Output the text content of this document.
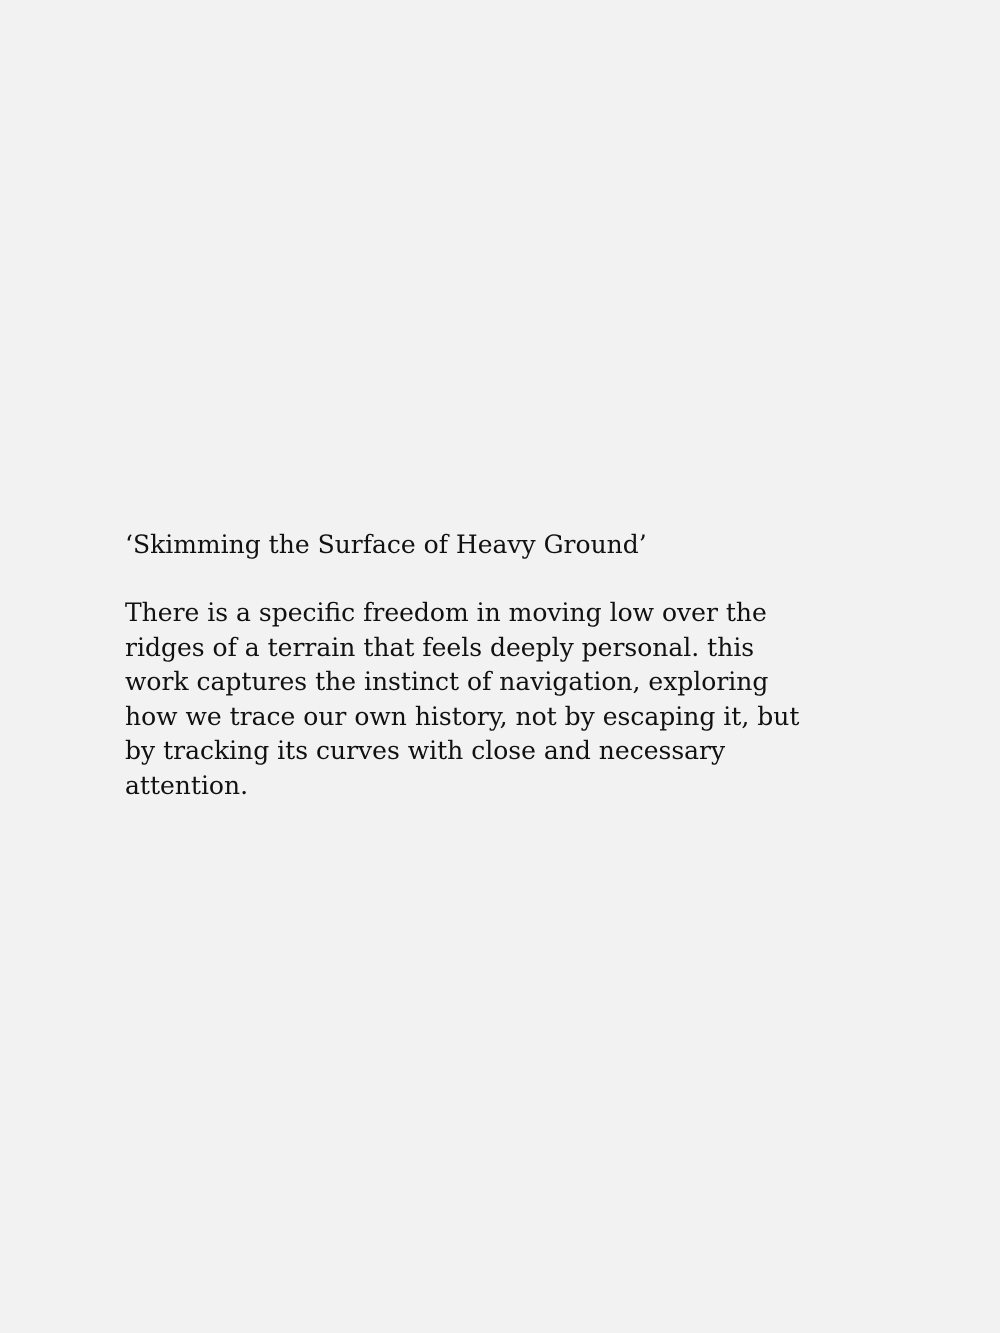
‘Skimming the Surface of Heavy Ground’

There is a specific freedom in moving low over the
ridges of a terrain that feels deeply personal. this
work captures the instinct of navigation, exploring
how we trace our own history, not by escaping it, but
by tracking its curves with close and necessary
attention.
